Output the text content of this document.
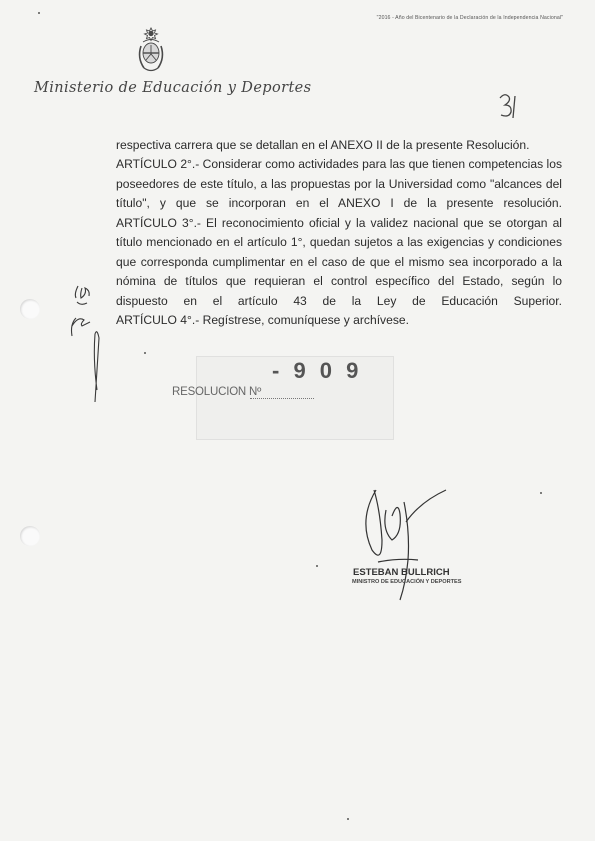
"2016 - Año del Bicentenario de la Declaración de la Independencia Nacional"
Ministerio de Educación y Deportes

respectiva carrera que se detallan en el ANEXO II de la presente Resolución.

ARTÍCULO 2°.- Considerar como actividades para las que tienen competencias los poseedores de este título, a las propuestas por la Universidad como "alcances del título", y que se incorporan en el ANEXO I de la presente resolución.

ARTÍCULO 3°.- El reconocimiento oficial y la validez nacional que se otorgan al título mencionado en el artículo 1°, quedan sujetos a las exigencias y condiciones que corresponda cumplimentar en el caso de que el mismo sea incorporado a la nómina de títulos que requieran el control específico del Estado, según lo dispuesto en el artículo 43 de la Ley de Educación Superior.

ARTÍCULO 4°.- Regístrese, comuníquese y archívese.

- 9 0 9
RESOLUCION Nº
ESTEBAN BULLRICH
MINISTRO DE EDUCACIÓN Y DEPORTES
